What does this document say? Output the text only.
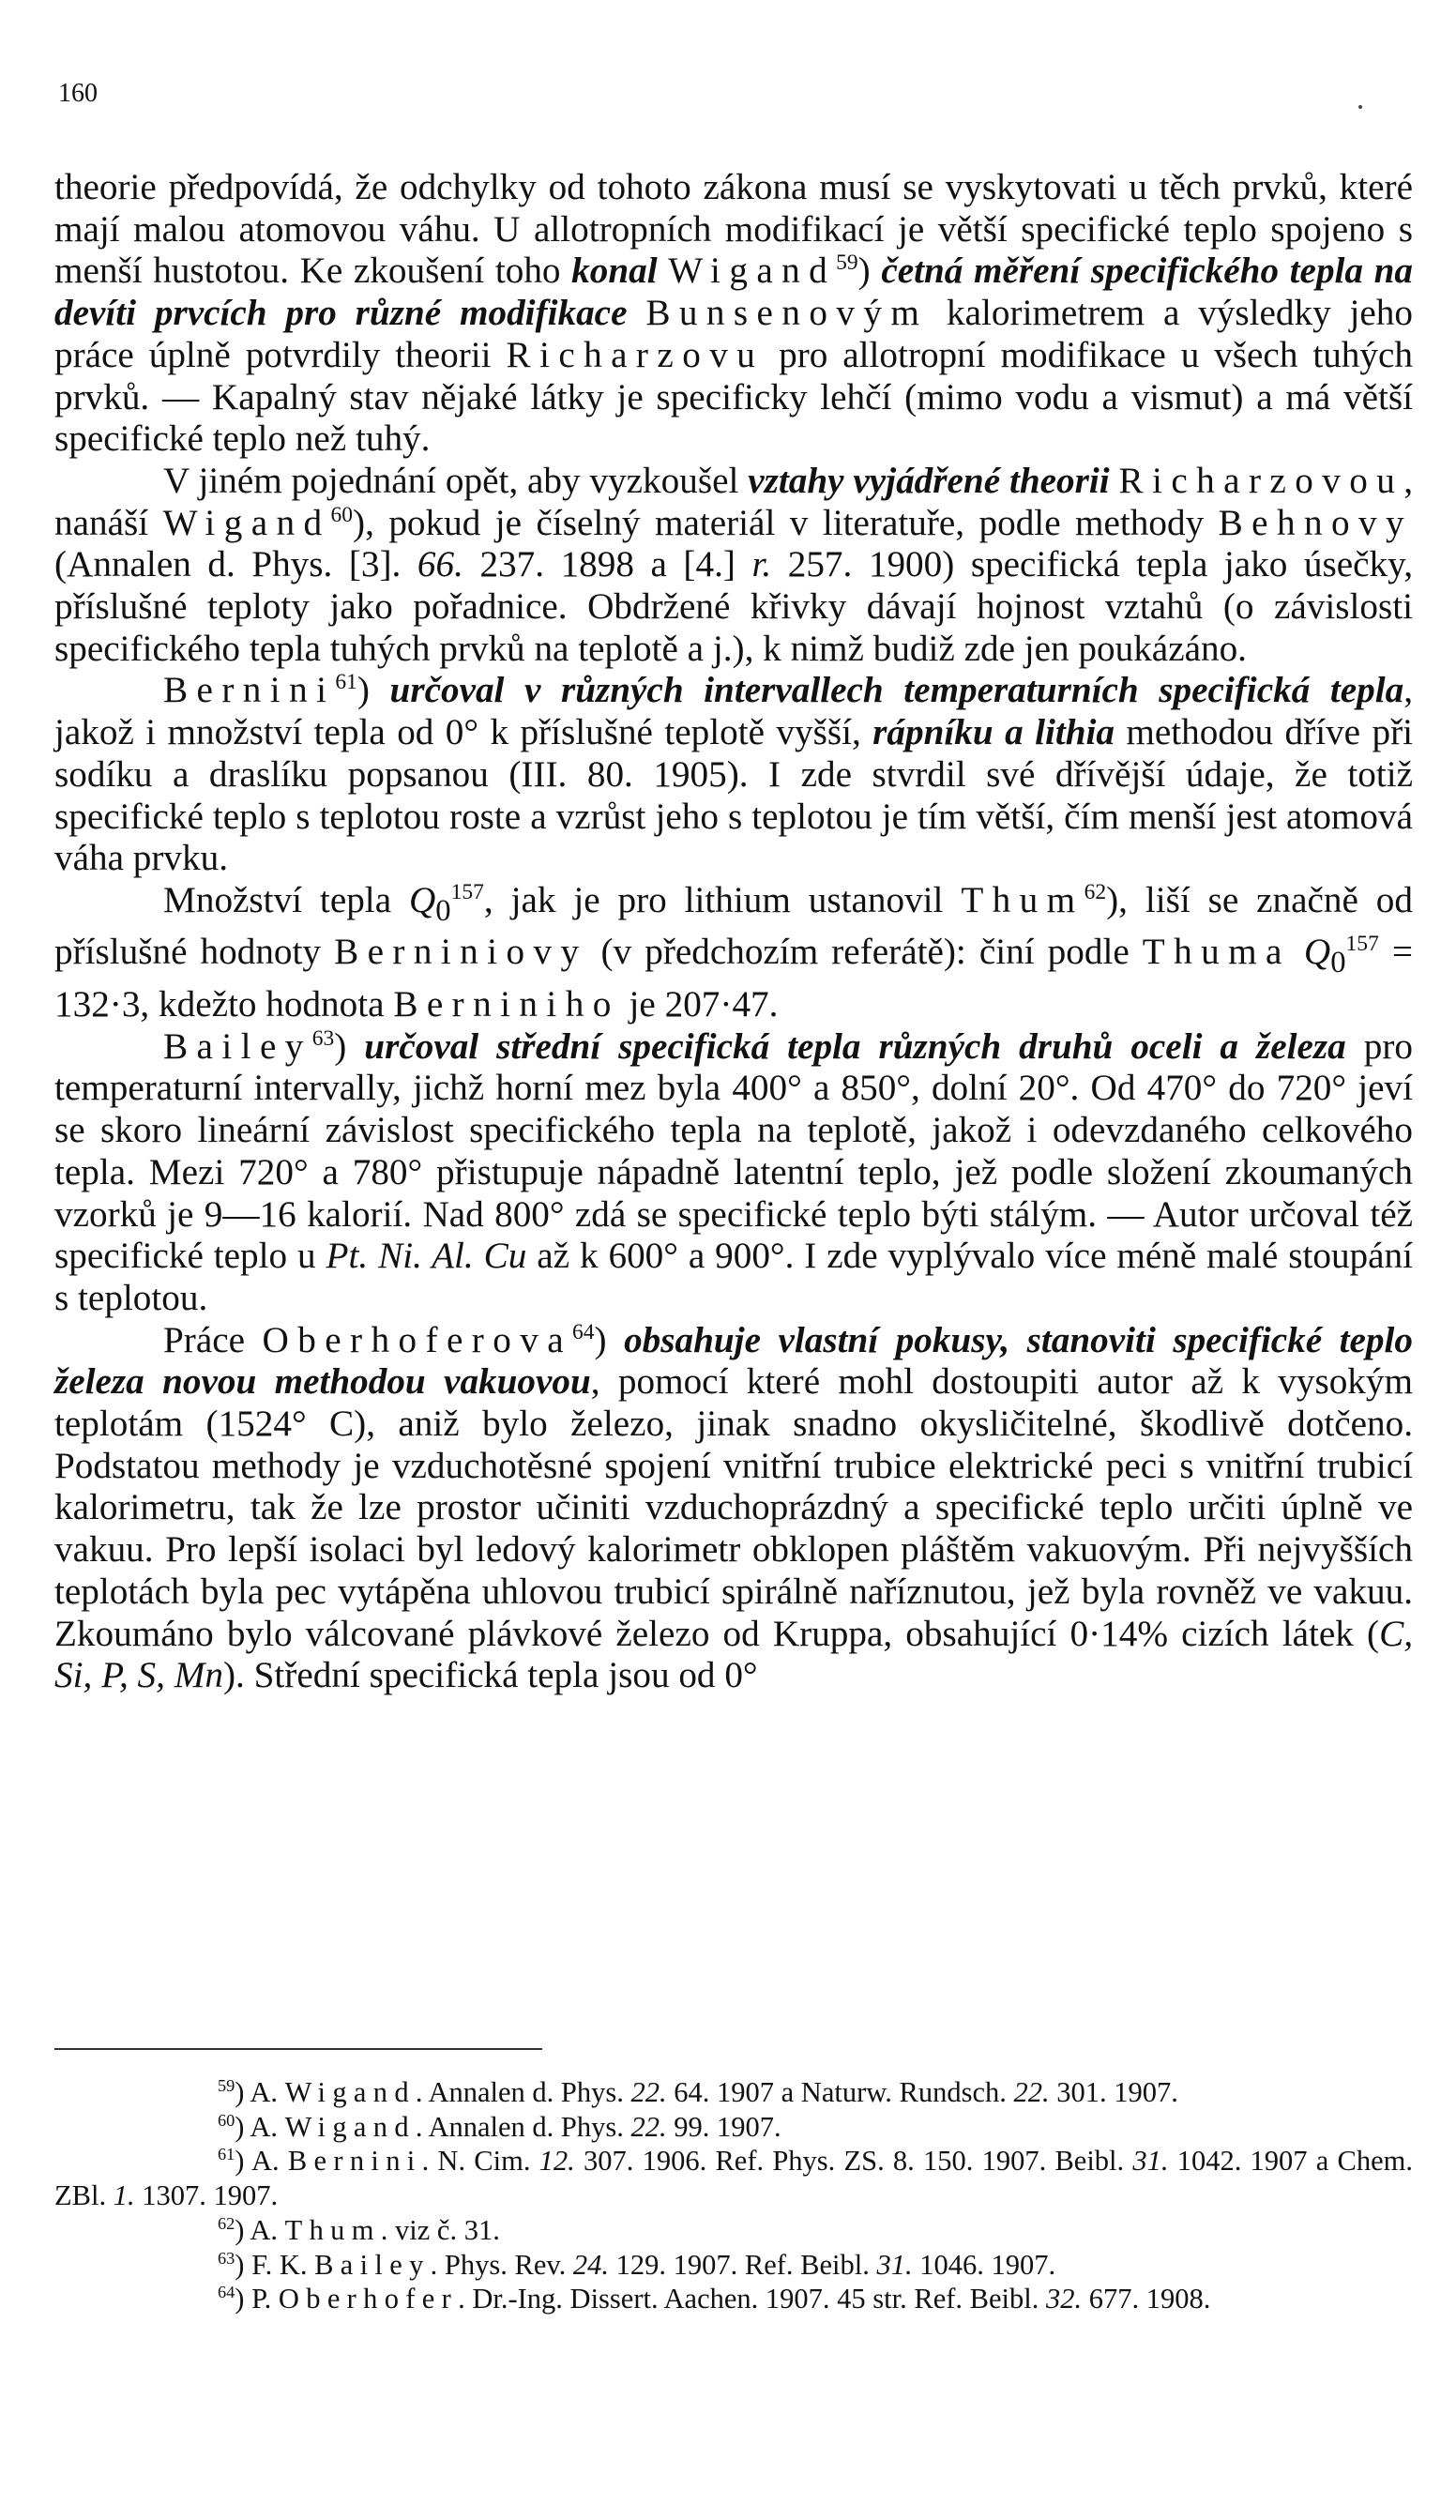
160

theorie předpovídá, že odchylky od tohoto zákona musí se vyskytovati u těch prvků, které mají malou atomovou váhu. U allotropních modifikací je větší specifické teplo spojeno s menší hustotou. Ke zkoušení toho konal Wigand$^{59}$) četná měření specifického tepla na devíti prvcích pro různé modifikace Bunsenovým kalorimetrem a výsledky jeho práce úplně potvrdily theorii Richarzovu pro allotropní modifikace u všech tuhých prvků. — Kapalný stav nějaké látky je specificky lehčí (mimo vodu a vismut) a má větší specifické teplo než tuhý.

V jiném pojednání opět, aby vyzkoušel vztahy vyjádřené theorii Richarzovou, nanáší Wigand$^{60}$), pokud je číselný materiál v literatuře, podle methody Behnovy (Annalen d. Phys. [3]. 66. 237. 1898 a [4.] r. 257. 1900) specifická tepla jako úsečky, příslušné teploty jako pořadnice. Obdržené křivky dávají hojnost vztahů (o závislosti specifického tepla tuhých prvků na teplotě a j.), k nimž budiž zde jen poukázáno.

Bernini$^{61}$) určoval v různých intervallech temperaturních specifická tepla, jakož i množství tepla od 0° k příslušné teplotě vyšší, rápníku a lithia methodou dříve při sodíku a draslíku popsanou (III. 80. 1905). I zde stvrdil své dřívější údaje, že totiž specifické teplo s teplotou roste a vzrůst jeho s teplotou je tím větší, čím menší jest atomová váha prvku.

Množství tepla $Q_0^{157}$, jak je pro lithium ustanovil Thum$^{62}$), liší se značně od příslušné hodnoty Berniniovy (v předchozím referátě): činí podle Thuma $Q_0^{157} = 132\cdot 3$, kdežto hodnota Berniniho je 207·47.

Bailey$^{63}$) určoval střední specifická tepla různých druhů oceli a železa pro temperaturní intervally, jichž horní mez byla 400° a 850°, dolní 20°. Od 470° do 720° jeví se skoro lineární závislost specifického tepla na teplotě, jakož i odevzdaného celkového tepla. Mezi 720° a 780° přistupuje nápadně latentní teplo, jež podle složení zkoumaných vzorků je 9—16 kalorií. Nad 800° zdá se specifické teplo býti stálým. — Autor určoval též specifické teplo u Pt. Ni. Al. Cu až k 600° a 900°. I zde vyplývalo více méně malé stoupání s teplotou.

Práce Oberhoferova$^{64}$) obsahuje vlastní pokusy, stanoviti specifické teplo železa novou methodou vakuovou, pomocí které mohl dostoupiti autor až k vysokým teplotám (1524° C), aniž bylo železo, jinak snadno okysličitelné, škodlivě dotčeno. Podstatou methody je vzduchotěsné spojení vnitřní trubice elektrické peci s vnitřní trubicí kalorimetru, tak že lze prostor učiniti vzduchoprázdný a specifické teplo určiti úplně ve vakuu. Pro lepší isolaci byl ledový kalorimetr obklopen pláštěm vakuovým. Při nejvyšších teplotách byla pec vytápěna uhlovou trubicí spirálně naříznutou, jež byla rovněž ve vakuu. Zkoumáno bylo válcované plávkové železo od Kruppa, obsahující 0·14% cizích látek (C, Si, P, S, Mn). Střední specifická tepla jsou od 0°

$^{59}$) A. Wigand. Annalen d. Phys. 22. 64. 1907 a Naturw. Rundsch. 22. 301. 1907.

$^{60}$) A. Wigand. Annalen d. Phys. 22. 99. 1907.

$^{61}$) A. Bernini. N. Cim. 12. 307. 1906. Ref. Phys. ZS. 8. 150. 1907. Beibl. 31. 1042. 1907 a Chem. ZBl. 1. 1307. 1907.

$^{62}$) A. Thum. viz č. 31.

$^{63}$) F. K. Bailey. Phys. Rev. 24. 129. 1907. Ref. Beibl. 31. 1046. 1907.

$^{64}$) P. Oberhofer. Dr.-Ing. Dissert. Aachen. 1907. 45 str. Ref. Beibl. 32. 677. 1908.
